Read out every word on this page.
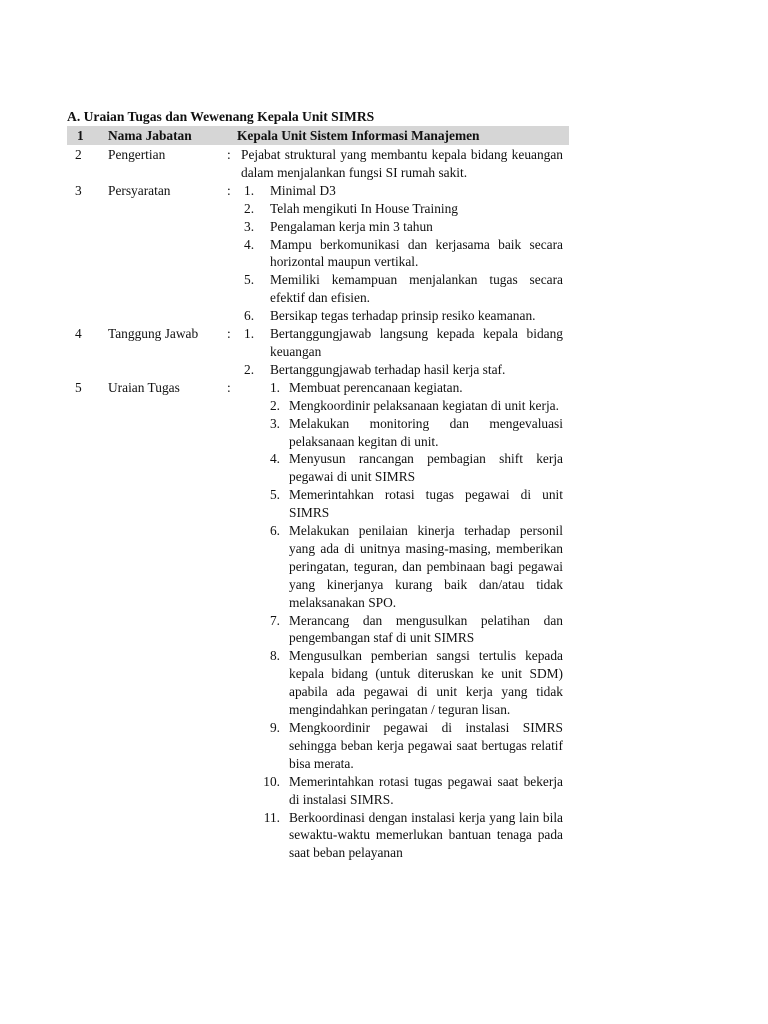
A. Uraian Tugas dan Wewenang Kepala Unit SIMRS
1	Nama Jabatan	Kepala Unit Sistem Informasi Manajemen
2	Pengertian	: Pejabat struktural yang membantu kepala bidang keuangan dalam menjalankan fungsi SI rumah sakit.
3	Persyaratan	: 1.	Minimal D3
2.	Telah mengikuti In House Training
3.	Pengalaman kerja min 3 tahun
4.	Mampu berkomunikasi dan kerjasama baik secara horizontal maupun vertikal.
5.	Memiliki kemampuan menjalankan tugas secara efektif dan efisien.
6.	Bersikap tegas terhadap prinsip resiko keamanan.
4	Tanggung Jawab	: 1.	Bertanggungjawab langsung kepada kepala bidang keuangan
2.	Bertanggungjawab terhadap hasil kerja staf.
5	Uraian Tugas	:	1. Membuat perencanaan kegiatan.
2. Mengkoordinir pelaksanaan kegiatan di unit kerja.
3. Melakukan monitoring dan mengevaluasi pelaksanaan kegitan di unit.
4. Menyusun rancangan pembagian shift kerja pegawai di unit SIMRS
5. Memerintahkan rotasi tugas pegawai di unit SIMRS
6. Melakukan penilaian kinerja terhadap personil yang ada di unitnya masing-masing, memberikan peringatan, teguran, dan pembinaan bagi pegawai yang kinerjanya kurang baik dan/atau tidak melaksanakan SPO.
7. Merancang dan mengusulkan pelatihan dan pengembangan staf di unit SIMRS
8. Mengusulkan pemberian sangsi tertulis kepada kepala bidang (untuk diteruskan ke unit SDM) apabila ada pegawai di unit kerja yang tidak mengindahkan peringatan / teguran lisan.
9. Mengkoordinir pegawai di instalasi SIMRS sehingga beban kerja pegawai saat bertugas relatif bisa merata.
10. Memerintahkan rotasi tugas pegawai saat bekerja di instalasi SIMRS.
11. Berkoordinasi dengan instalasi kerja yang lain bila sewaktu-waktu memerlukan bantuan tenaga pada saat beban pelayanan
